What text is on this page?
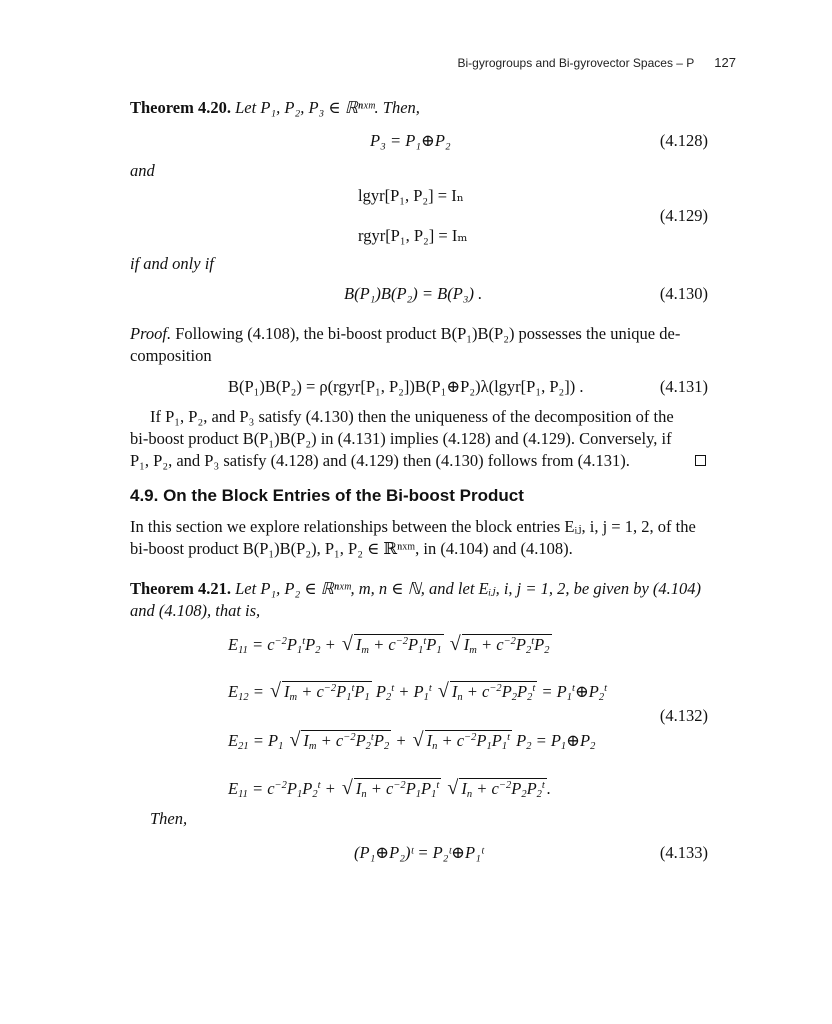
Bi-gyrogroups and Bi-gyrovector Spaces – P 127
Theorem 4.20. Let P₁, P₂, P₃ ∈ ℝⁿˣᵐ. Then,
P₃ = P₁⊕P₂	(4.128)
and
lgyr[P₁, P₂] = Iₙ
rgyr[P₁, P₂] = Iₘ
(4.129)
if and only if
B(P₁)B(P₂) = B(P₃) .	(4.130)
Proof. Following (4.108), the bi-boost product B(P₁)B(P₂) possesses the unique de-
composition
B(P₁)B(P₂) = ρ(rgyr[P₁, P₂])B(P₁⊕P₂)λ(lgyr[P₁, P₂]) .	(4.131)
If P₁, P₂, and P₃ satisfy (4.130) then the uniqueness of the decomposition of the
bi-boost product B(P₁)B(P₂) in (4.131) implies (4.128) and (4.129). Conversely, if
P₁, P₂, and P₃ satisfy (4.128) and (4.129) then (4.130) follows from (4.131).
4.9. On the Block Entries of the Bi-boost Product
In this section we explore relationships between the block entries Eᵢⱼ, i, j = 1, 2, of the
bi-boost product B(P₁)B(P₂), P₁, P₂ ∈ ℝⁿˣᵐ, in (4.104) and (4.108).
Theorem 4.21. Let P₁, P₂ ∈ ℝⁿˣᵐ, m, n ∈ ℕ, and let Eᵢⱼ, i, j = 1, 2, be given by (4.104)
and (4.108), that is,
$E_{11} = c^{-2}P_1^tP_2$ + √ $I_m + c^{-2}P_1^tP_1$ √ $I_m + c^{-2}P_2^tP_2$
$E_{12}$ = √ $I_m + c^{-2}P_1^tP_1$ $P_2^t + P_1^t$ √ $I_n + c^{-2}P_2P_2^t$ = $P_1^t\oplus P_2^t$
$E_{21} = P_1$ √ $I_m + c^{-2}P_2^tP_2$ + √ $I_n + c^{-2}P_1P_1^t$ $P_2$ = $P_1\oplus P_2$
$E_{11} = c^{-2}P_1P_2^t$ + √ $I_n + c^{-2}P_1P_1^t$ √ $I_n + c^{-2}P_2P_2^t$ .
(4.132)
Then,
(P₁⊕P₂)ᵗ = P₂ᵗ⊕P₁ᵗ	(4.133)
